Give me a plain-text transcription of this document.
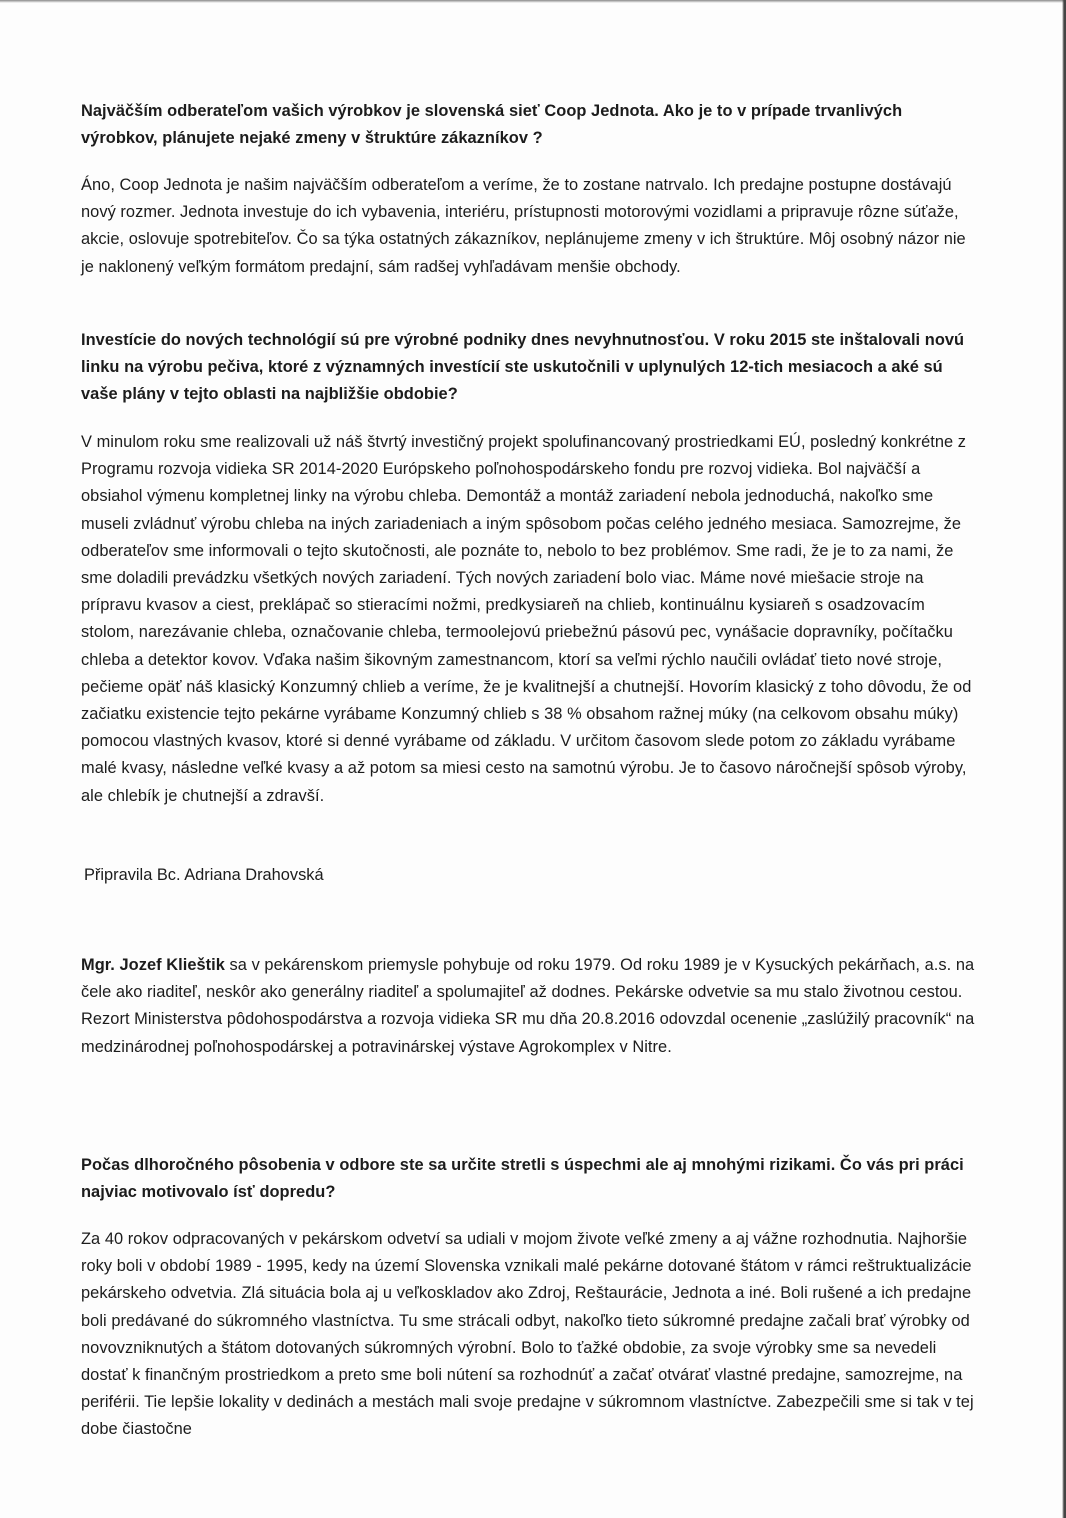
Najväčším odberateľom vašich výrobkov je slovenská sieť Coop Jednota. Ako je to v prípade trvanlivých výrobkov, plánujete nejaké zmeny v štruktúre zákazníkov ?

Áno, Coop Jednota je našim najväčším odberateľom a veríme, že to zostane natrvalo. Ich predajne postupne dostávajú nový rozmer. Jednota investuje do ich vybavenia, interiéru, prístupnosti motorovými vozidlami a pripravuje rôzne súťaže, akcie, oslovuje spotrebiteľov. Čo sa týka ostatných zákazníkov, neplánujeme zmeny v ich štruktúre. Môj osobný názor nie je naklonený veľkým formátom predajní, sám radšej vyhľadávam menšie obchody.

Investície do nových technológií sú pre výrobné podniky dnes nevyhnutnosťou. V roku 2015 ste inštalovali novú linku na výrobu pečiva, ktoré z významných investícií ste uskutočnili v uplynulých 12-tich mesiacoch a aké sú vaše plány v tejto oblasti na najbližšie obdobie?

V minulom roku sme realizovali už náš štvrtý investičný projekt spolufinancovaný prostriedkami EÚ, posledný konkrétne z Programu rozvoja vidieka SR 2014-2020 Európskeho poľnohospodárskeho fondu pre rozvoj vidieka. Bol najväčší a obsiahol výmenu kompletnej linky na výrobu chleba. Demontáž a montáž zariadení nebola jednoduchá, nakoľko sme museli zvládnuť výrobu chleba na iných zariadeniach a iným spôsobom počas celého jedného mesiaca. Samozrejme, že odberateľov sme informovali o tejto skutočnosti, ale poznáte to, nebolo to bez problémov. Sme radi, že je to za nami, že sme doladili prevádzku všetkých nových zariadení. Tých nových zariadení bolo viac. Máme nové miešacie stroje na prípravu kvasov a ciest, preklápač so stieracími nožmi, predkysiareň na chlieb, kontinuálnu kysiareň s osadzovacím stolom, narezávanie chleba, označovanie chleba, termoolejovú priebežnú pásovú pec, vynášacie dopravníky, počítačku chleba a detektor kovov. Vďaka našim šikovným zamestnancom, ktorí sa veľmi rýchlo naučili ovládať tieto nové stroje, pečieme opäť náš klasický Konzumný chlieb a veríme, že je kvalitnejší a chutnejší. Hovorím klasický z toho dôvodu, že od začiatku existencie tejto pekárne vyrábame Konzumný chlieb s 38 % obsahom ražnej múky (na celkovom obsahu múky) pomocou vlastných kvasov, ktoré si denné vyrábame od základu. V určitom časovom slede potom zo základu vyrábame malé kvasy, následne veľké kvasy a až potom sa miesi cesto na samotnú výrobu. Je to časovo náročnejší spôsob výroby, ale chlebík je chutnejší a zdravší.

Připravila Bc. Adriana Drahovská

Mgr. Jozef Klieštik sa v pekárenskom priemysle pohybuje od roku 1979. Od roku 1989 je v Kysuckých pekárňach, a.s. na čele ako riaditeľ, neskôr ako generálny riaditeľ a spolumajiteľ až dodnes. Pekárske odvetvie sa mu stalo životnou cestou. Rezort Ministerstva pôdohospodárstva a rozvoja vidieka SR mu dňa 20.8.2016 odovzdal ocenenie „zaslúžilý pracovník“ na medzinárodnej poľnohospodárskej a potravinárskej výstave Agrokomplex v Nitre.

Počas dlhoročného pôsobenia v odbore ste sa určite stretli s úspechmi ale aj mnohými rizikami. Čo vás pri práci najviac motivovalo ísť dopredu?

Za 40 rokov odpracovaných v pekárskom odvetví sa udiali v mojom živote veľké zmeny a aj vážne rozhodnutia. Najhoršie roky boli v období 1989 - 1995, kedy na území Slovenska vznikali malé pekárne dotované štátom v rámci reštruktualizácie pekárskeho odvetvia. Zlá situácia bola aj u veľkoskladov ako Zdroj, Reštaurácie, Jednota a iné. Boli rušené a ich predajne boli predávané do súkromného vlastníctva. Tu sme strácali odbyt, nakoľko tieto súkromné predajne začali brať výrobky od novovzniknutých a štátom dotovaných súkromných výrobní. Bolo to ťažké obdobie, za svoje výrobky sme sa nevedeli dostať k finančným prostriedkom a preto sme boli nútení sa rozhodnúť a začať otvárať vlastné predajne, samozrejme, na periférii. Tie lepšie lokality v dedinách a mestách mali svoje predajne v súkromnom vlastníctve. Zabezpečili sme si tak v tej dobe čiastočne
